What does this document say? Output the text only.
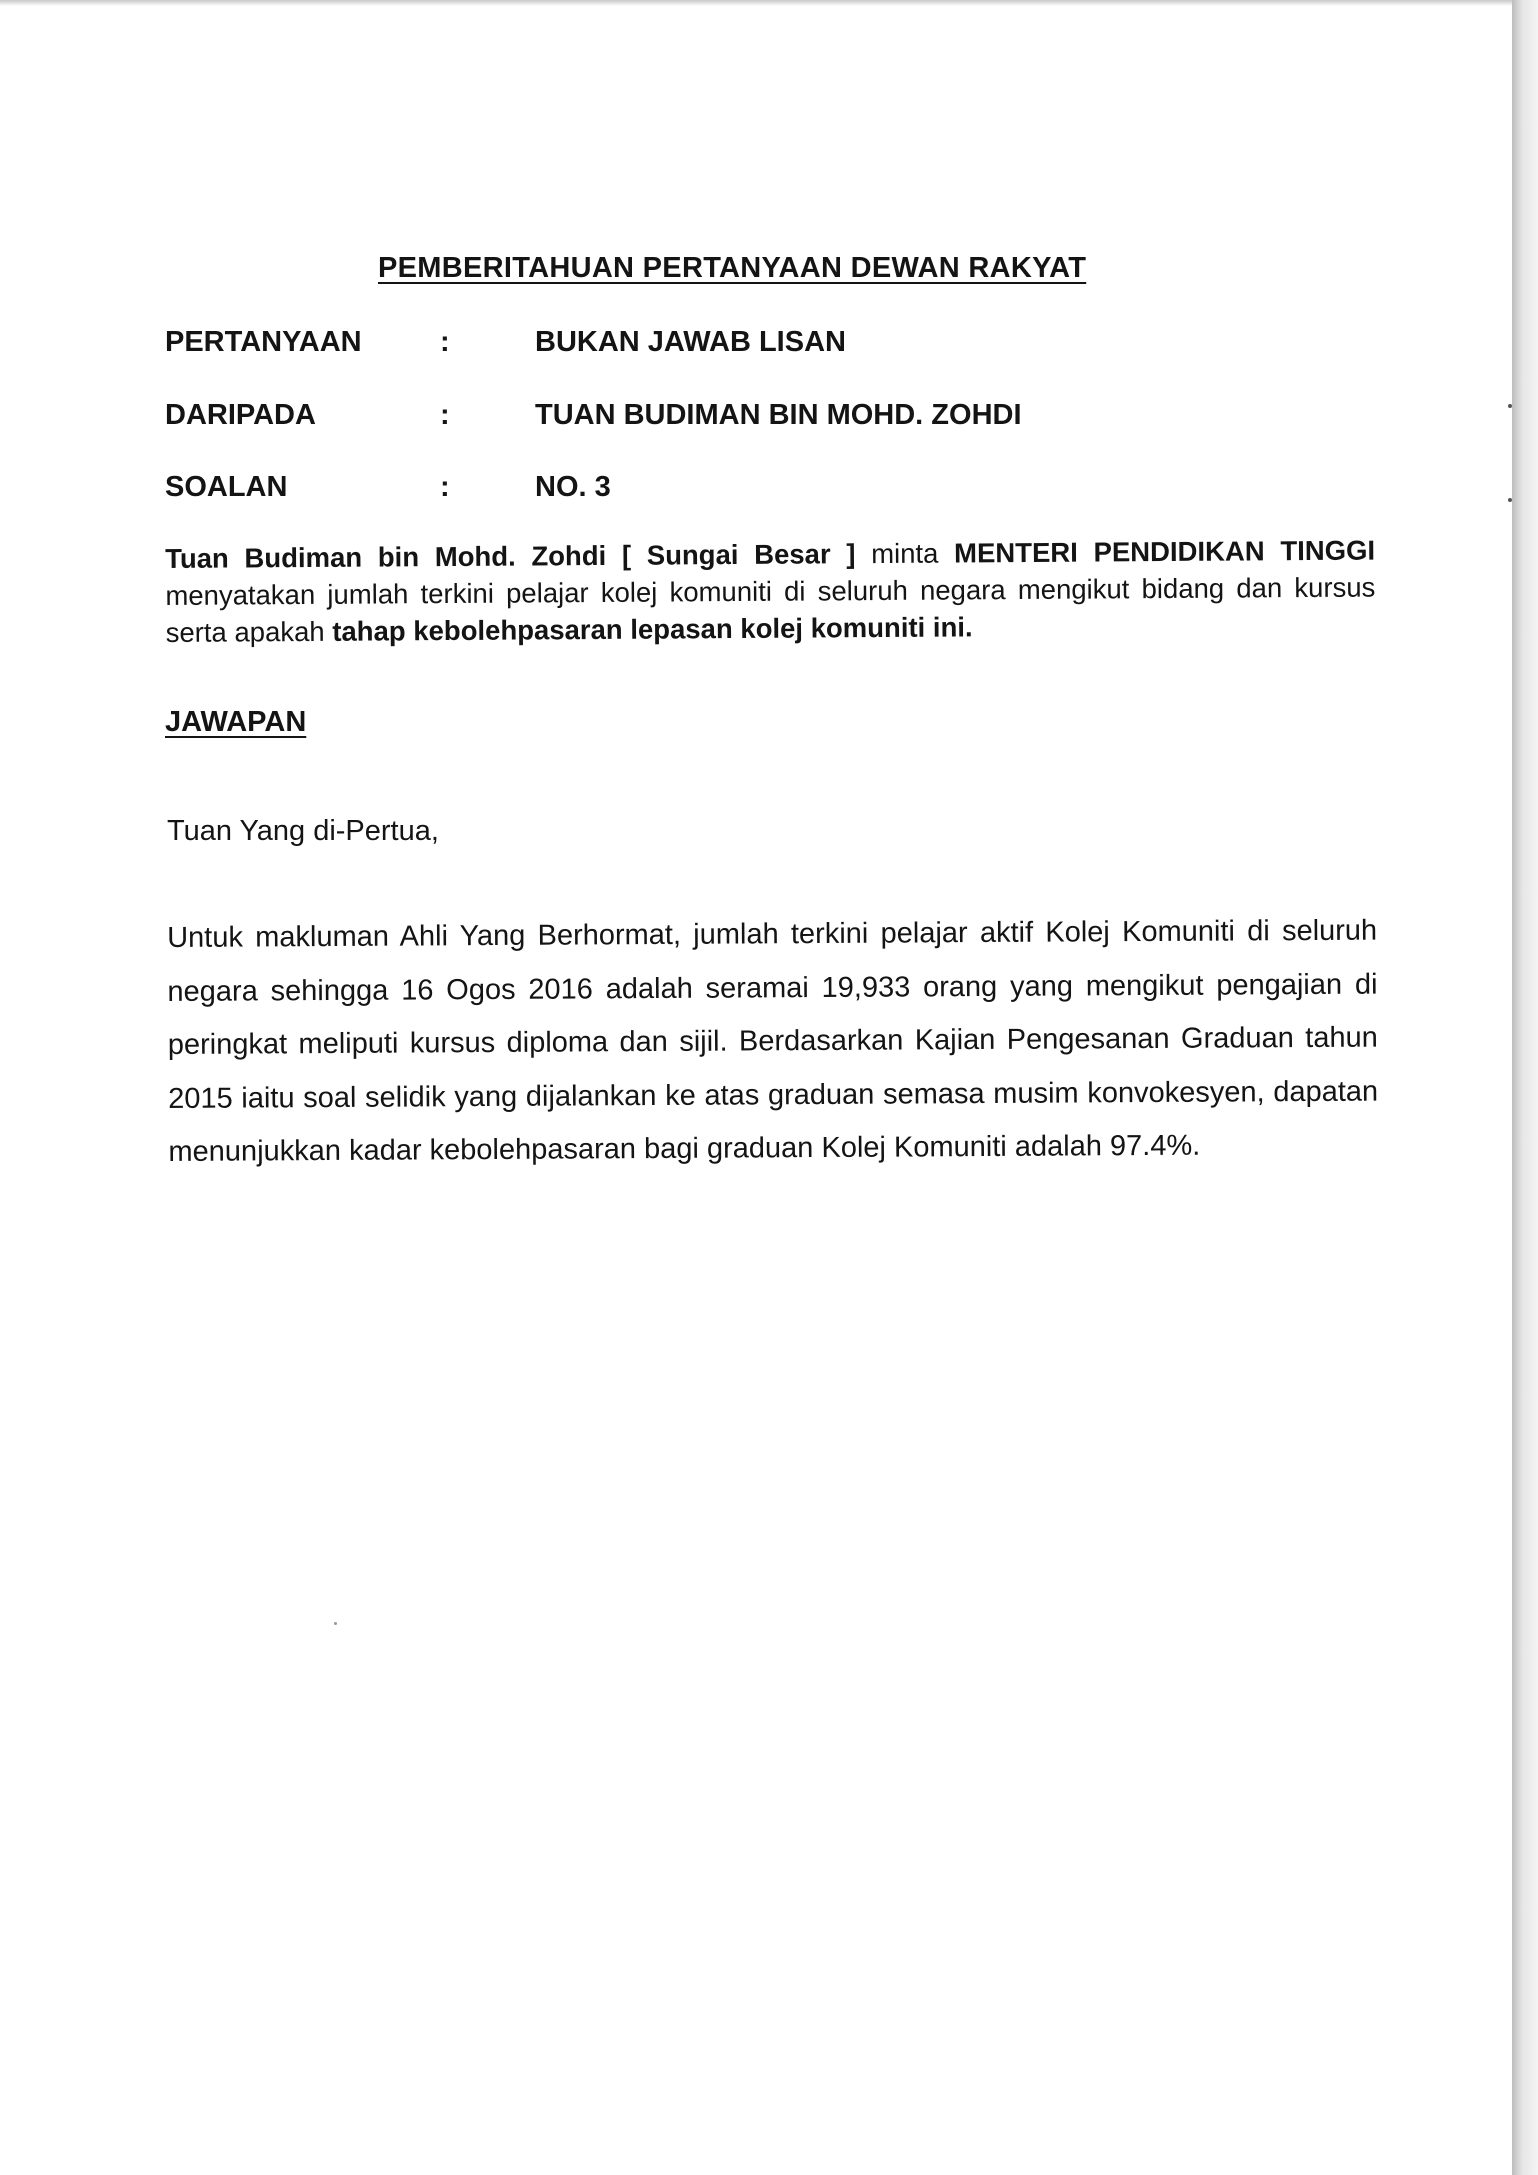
PEMBERITAHUAN PERTANYAAN DEWAN RAKYAT
PERTANYAAN	:	BUKAN JAWAB LISAN
DARIPADA	:	TUAN BUDIMAN BIN MOHD. ZOHDI
SOALAN	:	NO. 3
Tuan Budiman bin Mohd. Zohdi [ Sungai Besar ] minta MENTERI PENDIDIKAN TINGGI menyatakan jumlah terkini pelajar kolej komuniti di seluruh negara mengikut bidang dan kursus serta apakah tahap kebolehpasaran lepasan kolej komuniti ini.
JAWAPAN
Tuan Yang di-Pertua,
Untuk makluman Ahli Yang Berhormat, jumlah terkini pelajar aktif Kolej Komuniti di seluruh negara sehingga 16 Ogos 2016 adalah seramai 19,933 orang yang mengikut pengajian di peringkat meliputi kursus diploma dan sijil. Berdasarkan Kajian Pengesanan Graduan tahun 2015 iaitu soal selidik yang dijalankan ke atas graduan semasa musim konvokesyen, dapatan menunjukkan kadar kebolehpasaran bagi graduan Kolej Komuniti adalah 97.4%.
